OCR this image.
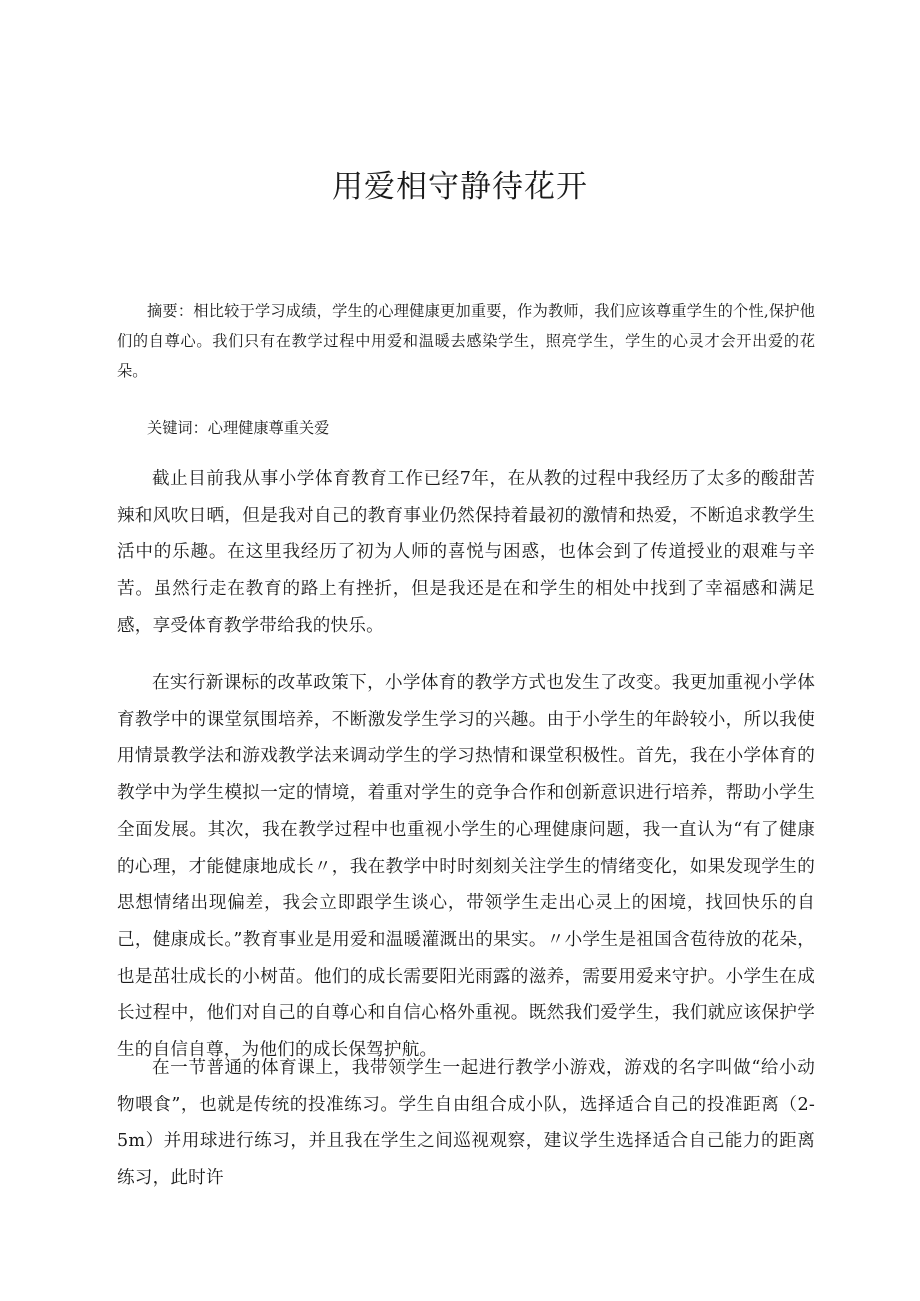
用爱相守静待花开

摘要：相比较于学习成绩，学生的心理健康更加重要，作为教师，我们应该尊重学生的个性,保护他们的自尊心。我们只有在教学过程中用爱和温暖去感染学生，照亮学生，学生的心灵才会开出爱的花朵。

关键词：心理健康尊重关爱

截止目前我从事小学体育教育工作已经7年，在从教的过程中我经历了太多的酸甜苦辣和风吹日晒，但是我对自己的教育事业仍然保持着最初的激情和热爱，不断追求教学生活中的乐趣。在这里我经历了初为人师的喜悦与困惑，也体会到了传道授业的艰难与辛苦。虽然行走在教育的路上有挫折，但是我还是在和学生的相处中找到了幸福感和满足感，享受体育教学带给我的快乐。

在实行新课标的改革政策下，小学体育的教学方式也发生了改变。我更加重视小学体育教学中的课堂氛围培养，不断激发学生学习的兴趣。由于小学生的年龄较小，所以我使用情景教学法和游戏教学法来调动学生的学习热情和课堂积极性。首先，我在小学体育的教学中为学生模拟一定的情境，着重对学生的竞争合作和创新意识进行培养，帮助小学生全面发展。其次，我在教学过程中也重视小学生的心理健康问题，我一直认为“有了健康的心理，才能健康地成长〃，我在教学中时时刻刻关注学生的情绪变化，如果发现学生的思想情绪出现偏差，我会立即跟学生谈心，带领学生走出心灵上的困境，找回快乐的自己，健康成长。”教育事业是用爱和温暖灌溉出的果实。〃小学生是祖国含苞待放的花朵，也是茁壮成长的小树苗。他们的成长需要阳光雨露的滋养，需要用爱来守护。小学生在成长过程中，他们对自己的自尊心和自信心格外重视。既然我们爱学生，我们就应该保护学生的自信自尊，为他们的成长保驾护航。

在一节普通的体育课上，我带领学生一起进行教学小游戏，游戏的名字叫做“给小动物喂食”，也就是传统的投准练习。学生自由组合成小队，选择适合自己的投准距离（2-5m）并用球进行练习，并且我在学生之间巡视观察，建议学生选择适合自己能力的距离练习，此时许
